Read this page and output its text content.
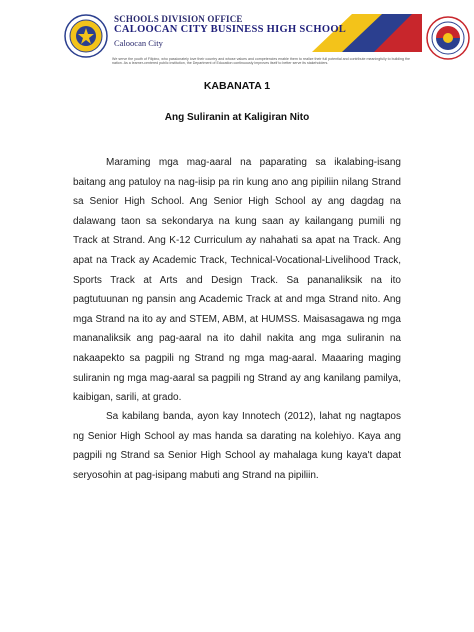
SCHOOLS DIVISION OFFICE
CALOOCAN CITY BUSINESS HIGH SCHOOL
Caloocan City
We serve the youth of Filipino, who passionately love their country and whose values and competencies enable them to realize their full potential and contribute meaningfully to building the nation. As a learner-centered public institution, the Department of Education continuously improves itself to better serve its stakeholders.
KABANATA 1
Ang Suliranin at Kaligiran Nito

Maraming mga mag-aaral na paparating sa ikalabing-isang baitang ang patuloy na nag-iisip pa rin kung ano ang pipiliin nilang Strand sa Senior High School. Ang Senior High School ay ang dagdag na dalawang taon sa sekondarya na kung saan ay kailangang pumili ng Track at Strand. Ang K-12 Curriculum ay nahahati sa apat na Track. Ang apat na Track ay Academic Track, Technical-Vocational-Livelihood Track, Sports Track at Arts and Design Track. Sa pananaliksik na ito pagtutuunan ng pansin ang Academic Track at and mga Strand nito. Ang mga Strand na ito ay and STEM, ABM, at HUMSS. Maisasagawa ng mga mananaliksik ang pag-aaral na ito dahil nakita ang mga suliranin na nakaapekto sa pagpili ng Strand ng mga mag-aaral. Maaaring maging suliranin ng mga mag-aaral sa pagpili ng Strand ay ang kanilang pamilya, kaibigan, sarili, at grado.

Sa kabilang banda, ayon kay Innotech (2012), lahat ng nagtapos ng Senior High School ay mas handa sa darating na kolehiyo. Kaya ang pagpili ng Strand sa Senior High School ay mahalaga kung kaya't dapat seryosohin at pag-isipang mabuti ang Strand na pipiliin.
